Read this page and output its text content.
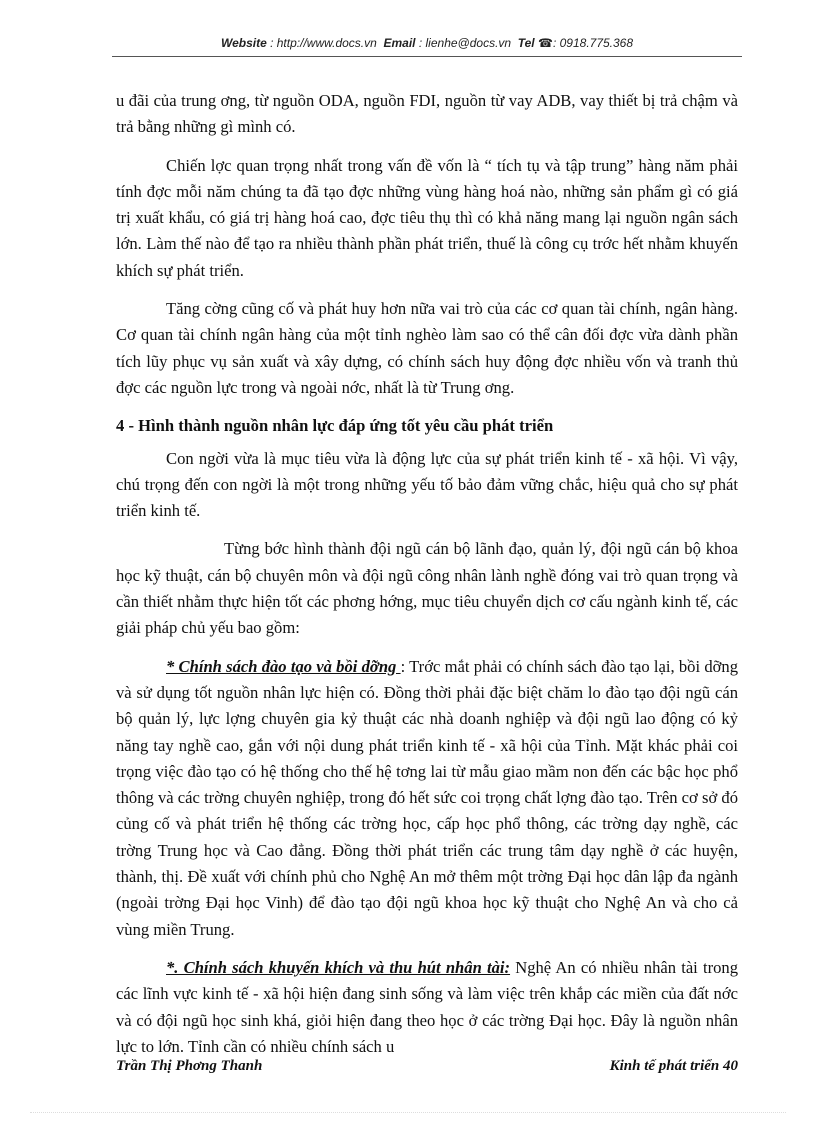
Website : http://www.docs.vn Email : lienhe@docs.vn Tel ☎: 0918.775.368

u đãi của trung ơng, từ nguồn ODA, nguồn FDI, nguồn từ vay ADB, vay thiết bị trả chậm và trả bằng những gì mình có.

Chiến lợc quan trọng nhất trong vấn đề vốn là “ tích tụ và tập trung” hàng năm phải tính đợc mỗi năm chúng ta đã tạo đợc những vùng hàng hoá nào, những sản phẩm gì có giá trị xuất khẩu, có giá trị hàng hoá cao, đợc tiêu thụ thì có khả năng mang lại nguồn ngân sách lớn. Làm thế nào để tạo ra nhiều thành phần phát triển, thuế là công cụ trớc hết nhằm khuyến khích sự phát triển.

Tăng cờng cũng cố và phát huy hơn nữa vai trò của các cơ quan tài chính, ngân hàng. Cơ quan tài chính ngân hàng của một tỉnh nghèo làm sao có thể cân đối đợc vừa dành phần tích lũy phục vụ sản xuất và xây dựng, có chính sách huy động đợc nhiều vốn và tranh thủ đợc các nguồn lực trong và ngoài nớc, nhất là từ Trung ơng.

4 - Hình thành nguồn nhân lực đáp ứng tốt yêu cầu phát triển

Con ngời vừa là mục tiêu vừa là động lực của sự phát triển kinh tế - xã hội. Vì vậy, chú trọng đến con ngời là một trong những yếu tố bảo đảm vững chắc, hiệu quả cho sự phát triển kinh tế.

Từng bớc hình thành đội ngũ cán bộ lãnh đạo, quản lý, đội ngũ cán bộ khoa học kỹ thuật, cán bộ chuyên môn và đội ngũ công nhân lành nghề đóng vai trò quan trọng và cần thiết nhằm thực hiện tốt các phơng hớng, mục tiêu chuyển dịch cơ cấu ngành kinh tế, các giải pháp chủ yếu bao gồm:

* Chính sách đào tạo và bồi dỡng : Trớc mắt phải có chính sách đào tạo lại, bồi dỡng và sử dụng tốt nguồn nhân lực hiện có. Đồng thời phải đặc biệt chăm lo đào tạo đội ngũ cán bộ quản lý, lực lợng chuyên gia kỷ thuật các nhà doanh nghiệp và đội ngũ lao động có kỷ năng tay nghề cao, gắn với nội dung phát triển kinh tế - xã hội của Tỉnh. Mặt khác phải coi trọng việc đào tạo có hệ thống cho thế hệ tơng lai từ mẫu giao mầm non đến các bậc học phổ thông và các trờng chuyên nghiệp, trong đó hết sức coi trọng chất lợng đào tạo. Trên cơ sở đó củng cố và phát triển hệ thống các trờng học, cấp học phổ thông, các trờng dạy nghề, các trờng Trung học và Cao đẳng. Đồng thời phát triển các trung tâm dạy nghề ở các huyện, thành, thị. Đề xuất với chính phủ cho Nghệ An mở thêm một trờng Đại học dân lập đa ngành (ngoài trờng Đại học Vinh) để đào tạo đội ngũ khoa học kỹ thuật cho Nghệ An và cho cả vùng miền Trung.

*. Chính sách khuyến khích và thu hút nhân tài: Nghệ An có nhiều nhân tài trong các lĩnh vực kinh tế - xã hội hiện đang sinh sống và làm việc trên khắp các miền của đất nớc và có đội ngũ học sinh khá, giỏi hiện đang theo học ở các trờng Đại học. Đây là nguồn nhân lực to lớn. Tỉnh cần có nhiều chính sách u

Trần Thị Phơng Thanh	Kinh tế phát triển 40
